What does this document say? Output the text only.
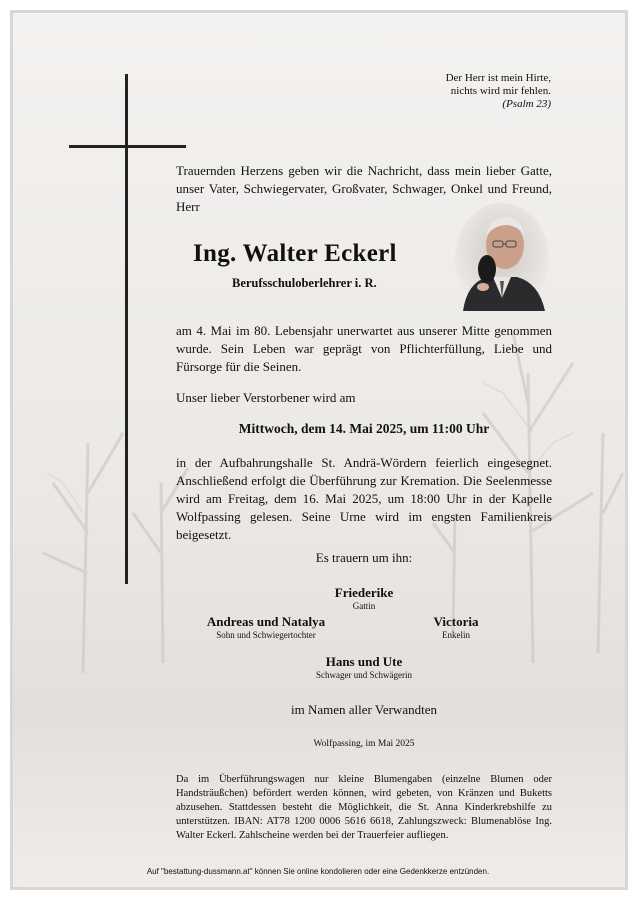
Der Herr ist mein Hirte,
nichts wird mir fehlen.
(Psalm 23)
Trauernden Herzens geben wir die Nachricht, dass mein lieber Gatte, unser Vater, Schwiegervater, Großvater, Schwager, Onkel und Freund, Herr
Ing. Walter Eckerl
Berufsschuloberlehrer i. R.
am 4. Mai im 80. Lebensjahr unerwartet aus unserer Mitte genommen wurde. Sein Leben war geprägt von Pflichterfüllung, Liebe und Fürsorge für die Seinen.
Unser lieber Verstorbener wird am
Mittwoch, dem 14. Mai 2025, um 11:00 Uhr
in der Aufbahrungshalle St. Andrä-Wördern feierlich eingesegnet. Anschließend erfolgt die Überführung zur Kremation. Die Seelenmesse wird am Freitag, dem 16. Mai 2025, um 18:00 Uhr in der Kapelle Wolfpassing gelesen. Seine Urne wird im engsten Familienkreis beigesetzt.
Es trauern um ihn:
Friederike
Gattin
Andreas und Natalya
Sohn und Schwiegertochter
Victoria
Enkelin
Hans und Ute
Schwager und Schwägerin
im Namen aller Verwandten
Wolfpassing, im Mai 2025
Da im Überführungswagen nur kleine Blumengaben (einzelne Blumen oder Handsträußchen) befördert werden können, wird gebeten, von Kränzen und Buketts abzusehen. Stattdessen besteht die Möglichkeit, die St. Anna Kinderkrebshilfe zu unterstützen. IBAN: AT78 1200 0006 5616 6618, Zahlungszweck: Blumenablöse Ing. Walter Eckerl. Zahlscheine werden bei der Trauerfeier aufliegen.
Auf "bestattung-dussmann.at" können Sie online kondolieren oder eine Gedenkkerze entzünden.
· · ·
